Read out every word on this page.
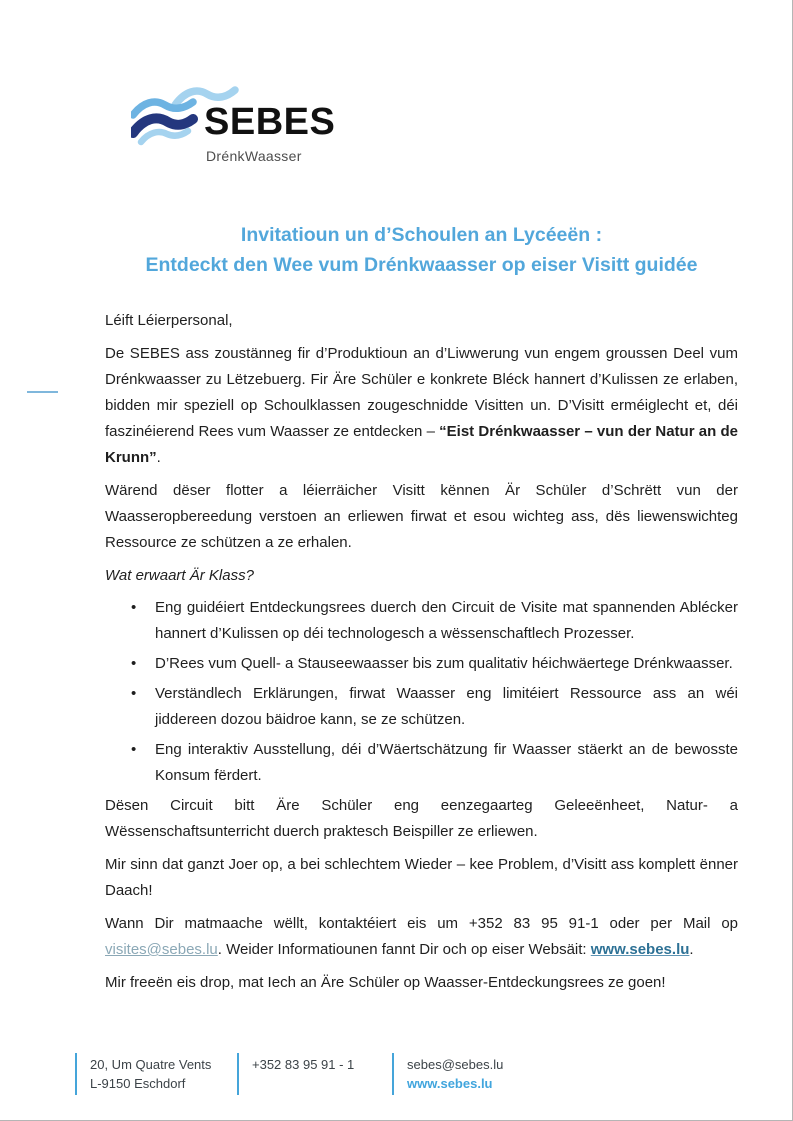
SEBES
DrénkWaasser
Invitatioun un d’Schoulen an Lycéeën :
Entdeckt den Wee vum Drénkwaasser op eiser Visitt guidée

Léift Léierpersonal,

De SEBES ass zoustänneg fir d’Produktioun an d’Liwwerung vun engem groussen Deel vum Drénkwaasser zu Lëtzebuerg. Fir Äre Schüler e konkrete Bléck hannert d’Kulissen ze erlaben, bidden mir speziell op Schoulklassen zougeschnidde Visitten un. D’Visitt erméiglecht et, déi faszinéierend Rees vum Waasser ze entdecken – “Eist Drénkwaasser – vun der Natur an de Krunn”.

Wärend dëser flotter a léierräicher Visitt kënnen Är Schüler d’Schrëtt vun der Waasseropbereedung verstoen an erliewen firwat et esou wichteg ass, dës liewenswichteg Ressource ze schützen a ze erhalen.

Wat erwaart Är Klass?

• Eng guidéiert Entdeckungsrees duerch den Circuit de Visite mat spannenden Ablécker hannert d’Kulissen op déi technologesch a wëssenschaftlech Prozesser.
• D’Rees vum Quell- a Stauseewaasser bis zum qualitativ héichwäertege Drénkwaasser.
• Verständlech Erklärungen, firwat Waasser eng limitéiert Ressource ass an wéi jiddereen dozou bäidroe kann, se ze schützen.
• Eng interaktiv Ausstellung, déi d’Wäertschätzung fir Waasser stäerkt an de bewosste Konsum fërdert.

Dësen Circuit bitt Äre Schüler eng eenzegaarteg Geleeënheet, Natur- a Wëssenschaftsunterricht duerch praktesch Beispiller ze erliewen.

Mir sinn dat ganzt Joer op, a bei schlechtem Wieder – kee Problem, d’Visitt ass komplett ënner Daach!

Wann Dir matmaache wëllt, kontaktéiert eis um +352 83 95 91-1 oder per Mail op visites@sebes.lu. Weider Informatiounen fannt Dir och op eiser Websäit: www.sebes.lu.

Mir freeën eis drop, mat Iech an Äre Schüler op Waasser-Entdeckungsrees ze goen!

20, Um Quatre Vents
L-9150 Eschdorf
+352 83 95 91 - 1	sebes@sebes.lu
www.sebes.lu
